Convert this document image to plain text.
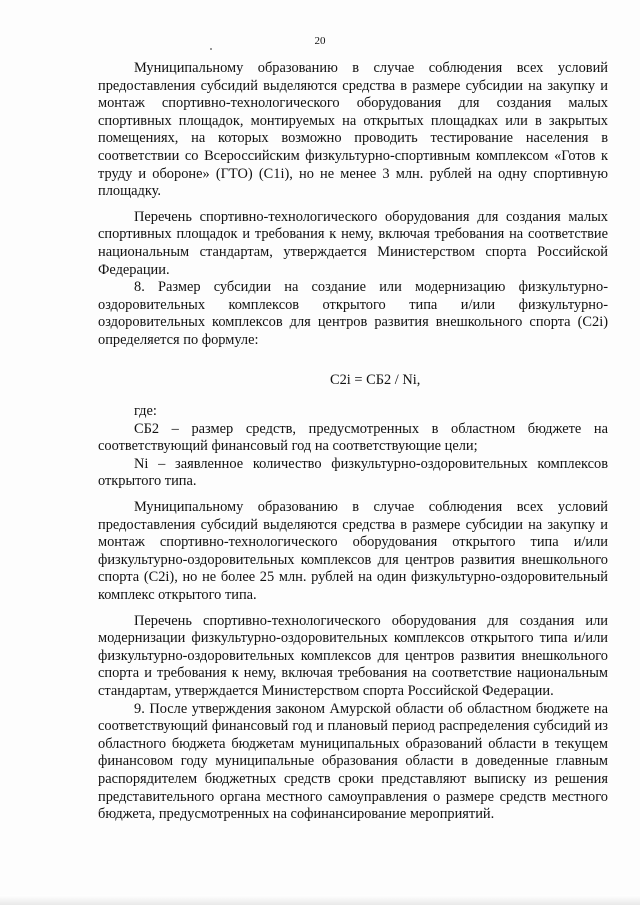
20

Муниципальному образованию в случае соблюдения всех условий предоставления субсидий выделяются средства в размере субсидии на закупку и монтаж спортивно-технологического оборудования для создания малых спортивных площадок, монтируемых на открытых площадках или в закрытых помещениях, на которых возможно проводить тестирование населения в соответствии со Всероссийским физкультурно-спортивным комплексом «Готов к труду и обороне» (ГТО) (C1i), но не менее 3 млн. рублей на одну спортивную площадку.

Перечень спортивно-технологического оборудования для создания малых спортивных площадок и требования к нему, включая требования на соответствие национальным стандартам, утверждается Министерством спорта Российской Федерации.

8. Размер субсидии на создание или модернизацию физкультурно-оздоровительных комплексов открытого типа и/или физкультурно-оздоровительных комплексов для центров развития внешкольного спорта (C2i) определяется по формуле:

C2i = СБ2 / Ni,

где:

СБ2 – размер средств, предусмотренных в областном бюджете на соответствующий финансовый год на соответствующие цели;

Ni – заявленное количество физкультурно-оздоровительных комплексов открытого типа.

Муниципальному образованию в случае соблюдения всех условий предоставления субсидий выделяются средства в размере субсидии на закупку и монтаж спортивно-технологического оборудования открытого типа и/или физкультурно-оздоровительных комплексов для центров развития внешкольного спорта (C2i), но не более 25 млн. рублей на один физкультурно-оздоровительный комплекс открытого типа.

Перечень спортивно-технологического оборудования для создания или модернизации физкультурно-оздоровительных комплексов открытого типа и/или физкультурно-оздоровительных комплексов для центров развития внешкольного спорта и требования к нему, включая требования на соответствие национальным стандартам, утверждается Министерством спорта Российской Федерации.

9. После утверждения законом Амурской области об областном бюджете на соответствующий финансовый год и плановый период распределения субсидий из областного бюджета бюджетам муниципальных образований области в текущем финансовом году муниципальные образования области в доведенные главным распорядителем бюджетных средств сроки представляют выписку из решения представительного органа местного самоуправления о размере средств местного бюджета, предусмотренных на софинансирование мероприятий.
